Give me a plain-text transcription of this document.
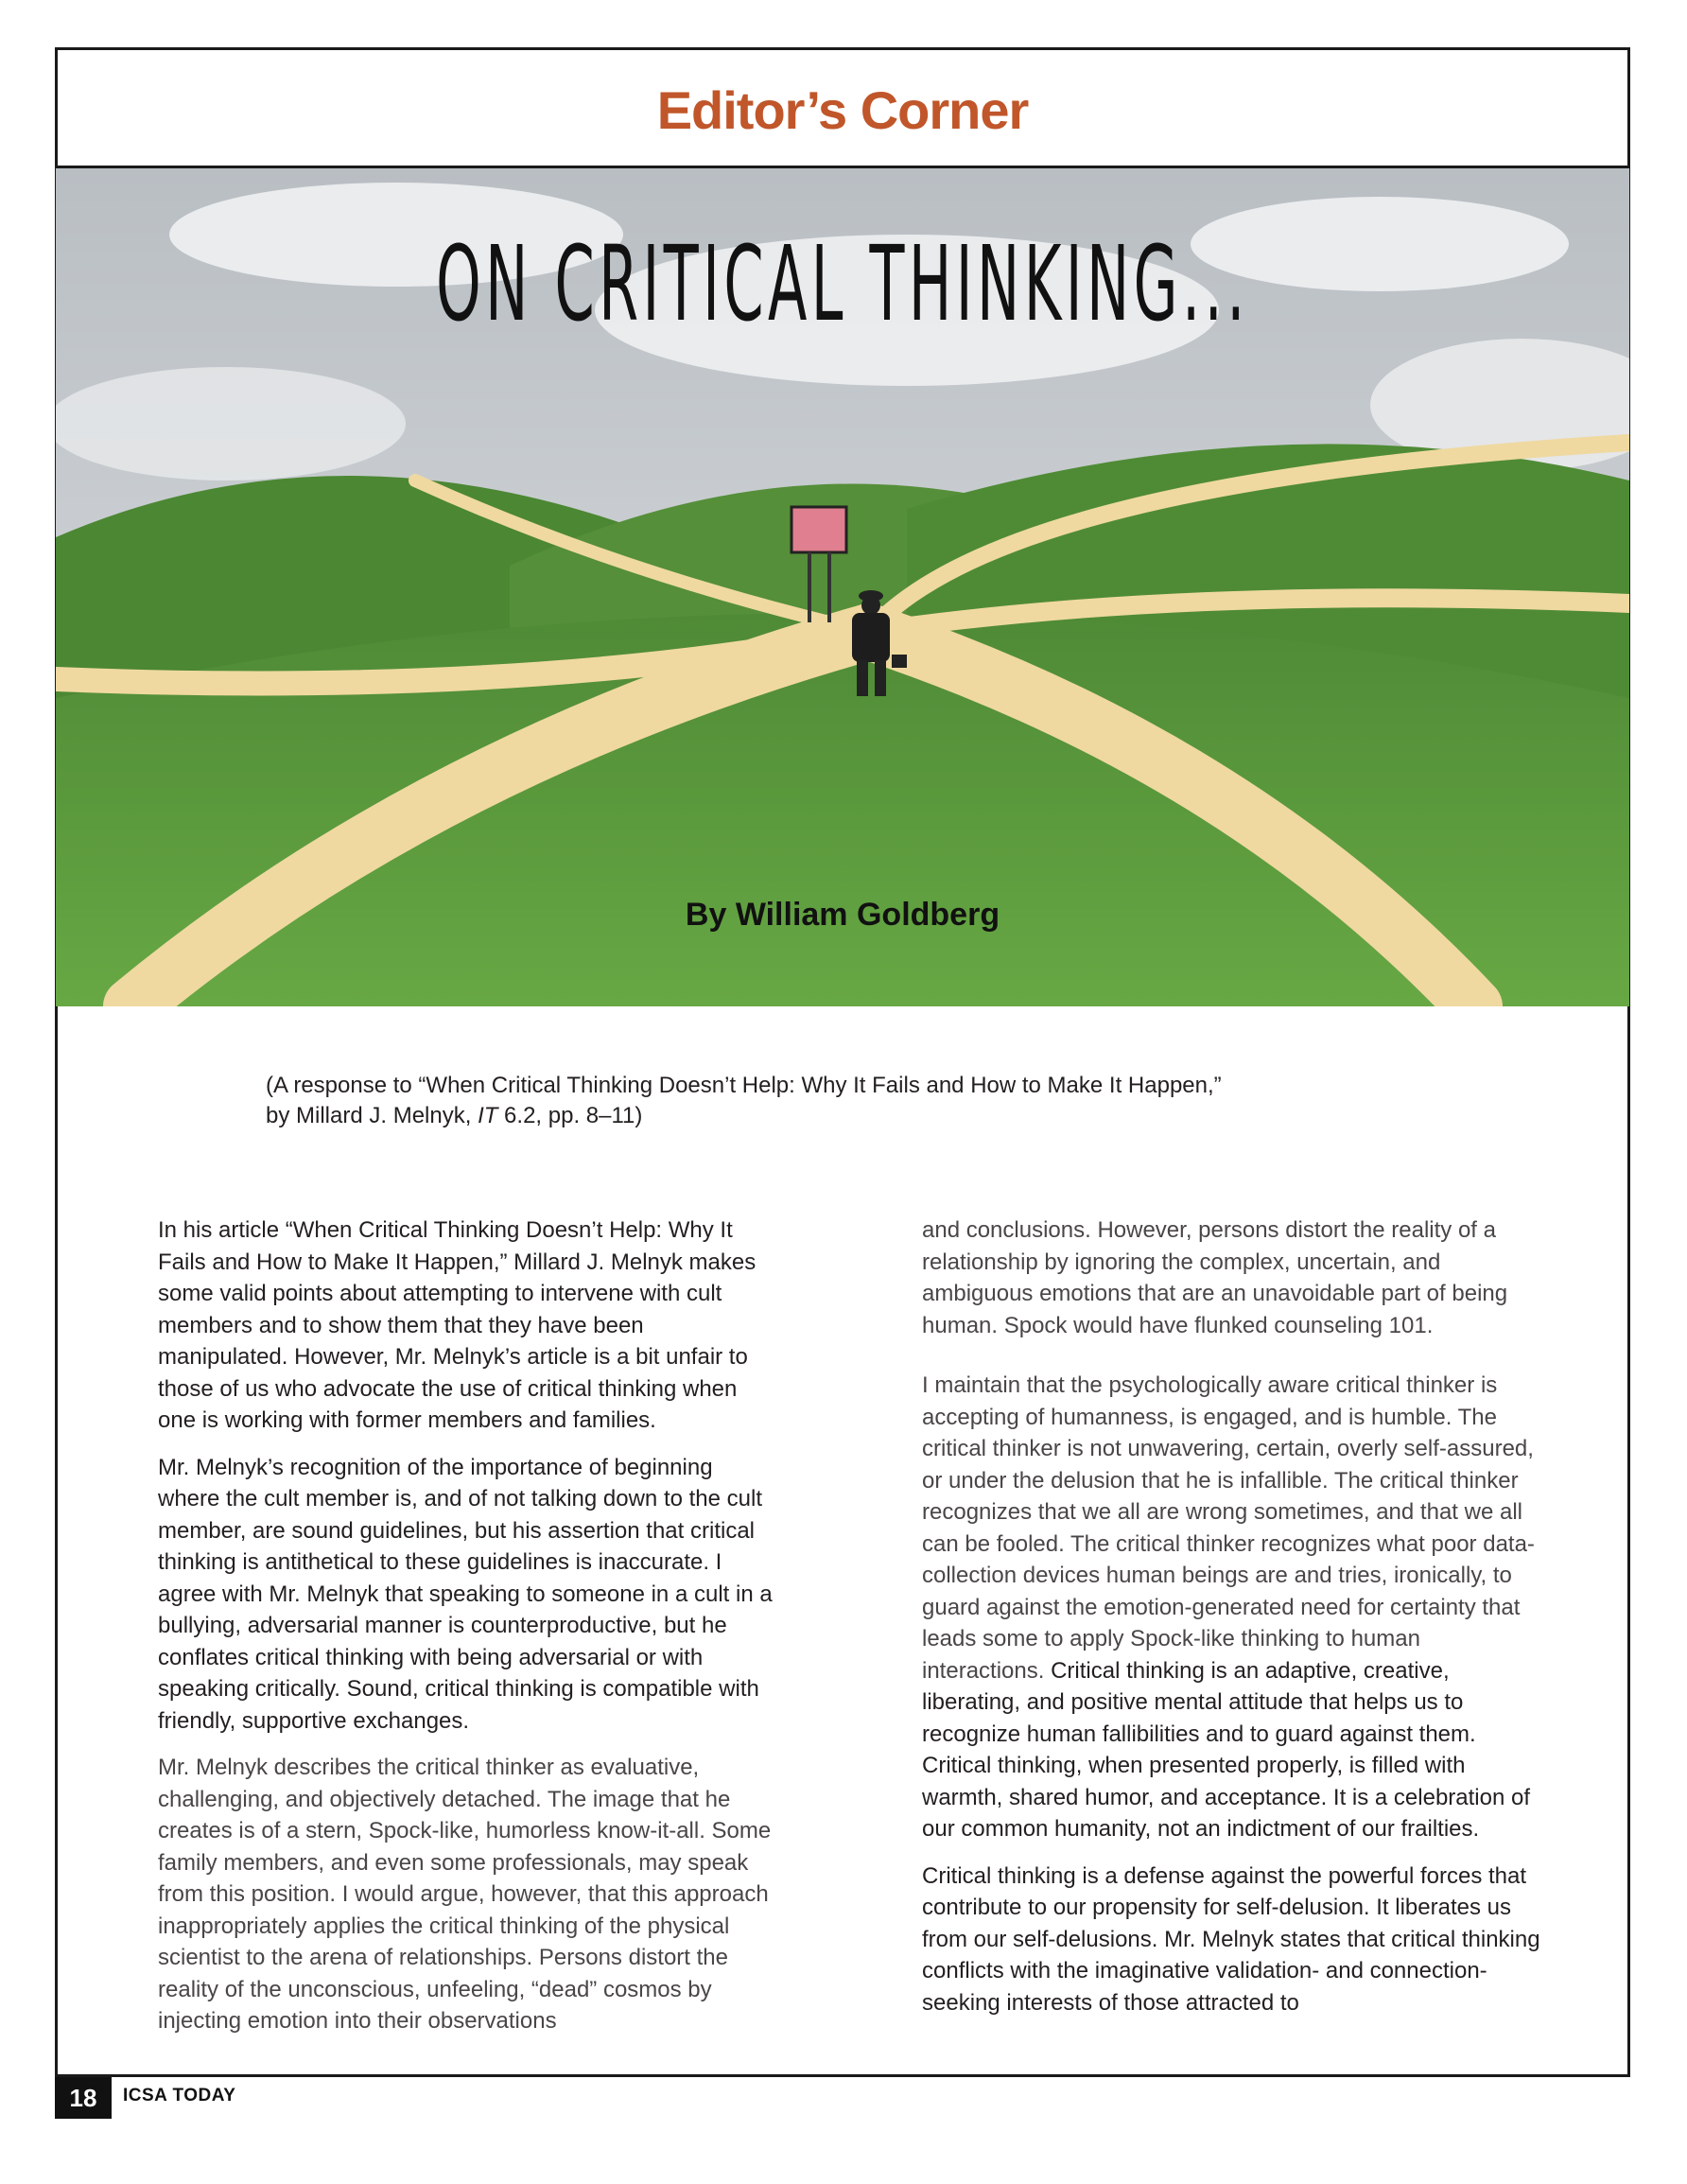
Editor’s Corner
ON CRITICAL THINKING...
By William Goldberg
(A response to “When Critical Thinking Doesn’t Help: Why It Fails and How to Make It Happen,”
by Millard J. Melnyk, IT 6.2, pp. 8–11)

In his article “When Critical Thinking Doesn’t Help: Why It Fails and How to Make It Happen,” Millard J. Melnyk makes some valid points about attempting to intervene with cult members and to show them that they have been manipulated. However, Mr. Melnyk’s article is a bit unfair to those of us who advocate the use of critical thinking when one is working with former members and families.

Mr. Melnyk’s recognition of the importance of beginning where the cult member is, and of not talking down to the cult member, are sound guidelines, but his assertion that critical thinking is antithetical to these guidelines is inaccurate. I agree with Mr. Melnyk that speaking to someone in a cult in a bullying, adversarial manner is counterproductive, but he conflates critical thinking with being adversarial or with speaking critically. Sound, critical thinking is compatible with friendly, supportive exchanges.

Mr. Melnyk describes the critical thinker as evaluative, challenging, and objectively detached. The image that he creates is of a stern, Spock-like, humorless know-it-all. Some family members, and even some professionals, may speak from this position. I would argue, however, that this approach inappropriately applies the critical thinking of the physical scientist to the arena of relationships. Persons distort the reality of the unconscious, unfeeling, “dead” cosmos by injecting emotion into their observations

and conclusions. However, persons distort the reality of a relationship by ignoring the complex, uncertain, and ambiguous emotions that are an unavoidable part of being human. Spock would have flunked counseling 101.

I maintain that the psychologically aware critical thinker is accepting of humanness, is engaged, and is humble. The critical thinker is not unwavering, certain, overly self-assured, or under the delusion that he is infallible. The critical thinker recognizes that we all are wrong sometimes, and that we all can be fooled. The critical thinker recognizes what poor data-collection devices human beings are and tries, ironically, to guard against the emotion-generated need for certainty that leads some to apply Spock-like thinking to human interactions. Critical thinking is an adaptive, creative, liberating, and positive mental attitude that helps us to recognize human fallibilities and to guard against them. Critical thinking, when presented properly, is filled with warmth, shared humor, and acceptance. It is a celebration of our common humanity, not an indictment of our frailties.

Critical thinking is a defense against the powerful forces that contribute to our propensity for self-delusion. It liberates us from our self-delusions. Mr. Melnyk states that critical thinking conflicts with the imaginative validation- and connection-seeking interests of those attracted to

18	ICSA TODAY
